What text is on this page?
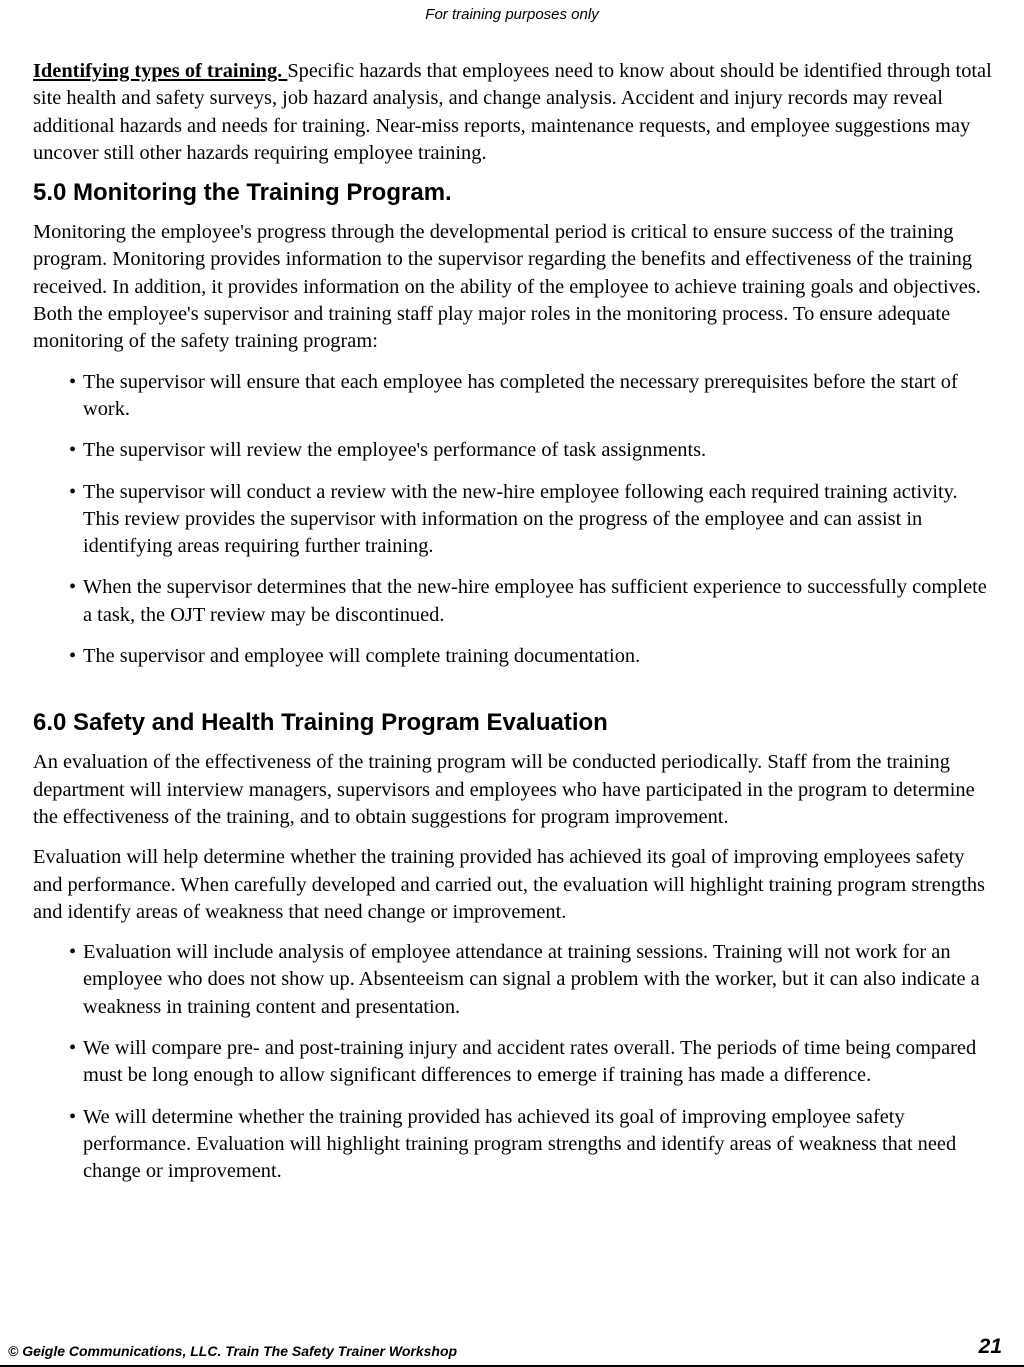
For training purposes only

Identifying types of training. Specific hazards that employees need to know about should be identified through total site health and safety surveys, job hazard analysis, and change analysis. Accident and injury records may reveal additional hazards and needs for training. Near-miss reports, maintenance requests, and employee suggestions may uncover still other hazards requiring employee training.

5.0 Monitoring the Training Program.

Monitoring the employee's progress through the developmental period is critical to ensure success of the training program. Monitoring provides information to the supervisor regarding the benefits and effectiveness of the training received. In addition, it provides information on the ability of the employee to achieve training goals and objectives. Both the employee's supervisor and training staff play major roles in the monitoring process. To ensure adequate monitoring of the safety training program:

• The supervisor will ensure that each employee has completed the necessary prerequisites before the start of work.
• The supervisor will review the employee's performance of task assignments.
• The supervisor will conduct a review with the new-hire employee following each required training activity. This review provides the supervisor with information on the progress of the employee and can assist in identifying areas requiring further training.
• When the supervisor determines that the new-hire employee has sufficient experience to successfully complete a task, the OJT review may be discontinued.
• The supervisor and employee will complete training documentation.
6.0 Safety and Health Training Program Evaluation

An evaluation of the effectiveness of the training program will be conducted periodically. Staff from the training department will interview managers, supervisors and employees who have participated in the program to determine the effectiveness of the training, and to obtain suggestions for program improvement.

Evaluation will help determine whether the training provided has achieved its goal of improving employees safety and performance. When carefully developed and carried out, the evaluation will highlight training program strengths and identify areas of weakness that need change or improvement.

• Evaluation will include analysis of employee attendance at training sessions. Training will not work for an employee who does not show up. Absenteeism can signal a problem with the worker, but it can also indicate a weakness in training content and presentation.
• We will compare pre- and post-training injury and accident rates overall. The periods of time being compared must be long enough to allow significant differences to emerge if training has made a difference.
• We will determine whether the training provided has achieved its goal of improving employee safety performance. Evaluation will highlight training program strengths and identify areas of weakness that need change or improvement.
© Geigle Communications, LLC. Train The Safety Trainer Workshop	21
